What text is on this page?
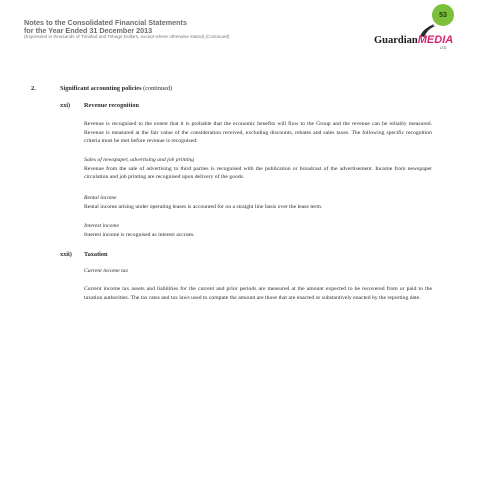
Notes to the Consolidated Financial Statements
for the Year Ended 31 December 2013
(Expressed in thousands of Trinidad and Tobago Dollars, except where otherwise stated) (Continued)
53
GuardianMEDIA
LTD
2.	Significant accounting policies (continued)
xxi) Revenue recognition

Revenue is recognised to the extent that it is probable that the economic benefits will flow to the Group and the revenue can be reliably measured. Revenue is measured at the fair value of the consideration received, excluding discounts, rebates and sales taxes. The following specific recognition criteria must be met before revenue is recognised:

Sales of newspaper, advertising and job printing

Revenue from the sale of advertising to third parties is recognised with the publication or broadcast of the advertisement. Income from newspaper circulation and job printing are recognised upon delivery of the goods.

Rental income

Rental income arising under operating leases is accounted for on a straight line basis over the lease term.

Interest income

Interest income is recognised as interest accrues.

xxii) Taxation

Current income tax

Current income tax assets and liabilities for the current and prior periods are measured at the amount expected to be recovered from or paid to the taxation authorities. The tax rates and tax laws used to compute the amount are those that are enacted or substantively enacted by the reporting date.
